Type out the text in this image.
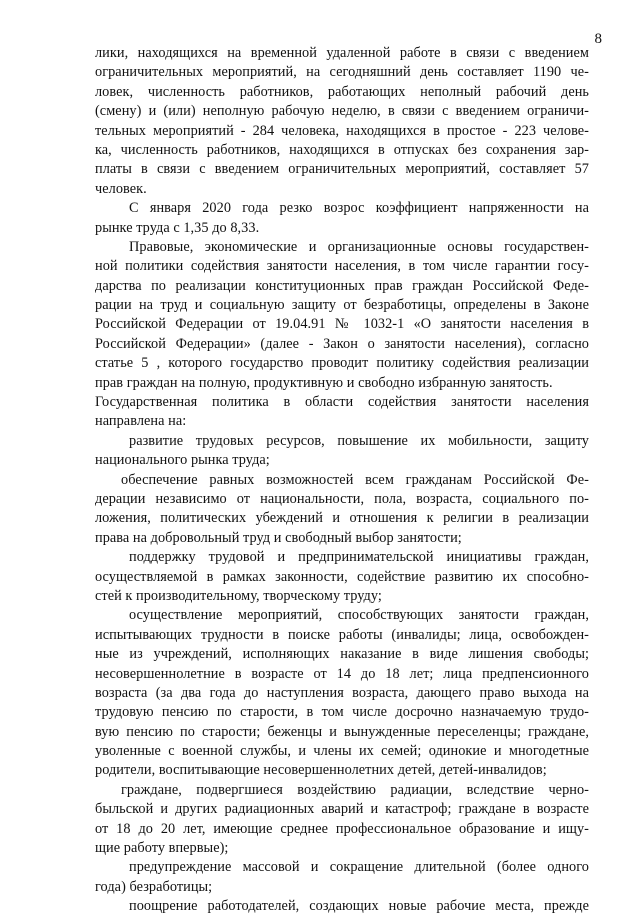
8
лики, находящихся на временной удаленной работе в связи с введением
ограничительных мероприятий, на сегодняшний день составляет 1190 че-
ловек, численность работников, работающих неполный рабочий день
(смену) и (или) неполную рабочую неделю, в связи с введением ограничи-
тельных мероприятий - 284 человека, находящихся в простое - 223 челове-
ка, численность работников, находящихся в отпусках без сохранения зар-
платы в связи с введением ограничительных мероприятий, составляет 57
человек.
С января 2020 года резко возрос коэффициент напряженности на
рынке труда с 1,35 до 8,33.
Правовые, экономические и организационные основы государствен-
ной политики содействия занятости населения, в том числе гарантии госу-
дарства по реализации конституционных прав граждан Российской Феде-
рации на труд и социальную защиту от безработицы, определены в Законе
Российской Федерации от 19.04.91 № 1032-1 «О занятости населения в
Российской Федерации» (далее - Закон о занятости населения), согласно
статье 5 , которого государство проводит политику содействия реализации
прав граждан на полную, продуктивную и свободно избранную занятость.
Государственная политика в области содействия занятости населения
направлена на:
развитие трудовых ресурсов, повышение их мобильности, защиту
национального рынка труда;
обеспечение равных возможностей всем гражданам Российской Фе-
дерации независимо от национальности, пола, возраста, социального по-
ложения, политических убеждений и отношения к религии в реализации
права на добровольный труд и свободный выбор занятости;
поддержку трудовой и предпринимательской инициативы граждан,
осуществляемой в рамках законности, содействие развитию их способно-
стей к производительному, творческому труду;
осуществление мероприятий, способствующих занятости граждан,
испытывающих трудности в поиске работы (инвалиды; лица, освобожден-
ные из учреждений, исполняющих наказание в виде лишения свободы;
несовершеннолетние в возрасте от 14 до 18 лет; лица предпенсионного
возраста (за два года до наступления возраста, дающего право выхода на
трудовую пенсию по старости, в том числе досрочно назначаемую трудо-
вую пенсию по старости; беженцы и вынужденные переселенцы; граждане,
уволенные с военной службы, и члены их семей; одинокие и многодетные
родители, воспитывающие несовершеннолетних детей, детей-инвалидов;
граждане, подвергшиеся воздействию радиации, вследствие черно-
быльской и других радиационных аварий и катастроф; граждане в возрасте
от 18 до 20 лет, имеющие среднее профессиональное образование и ищу-
щие работу впервые);
предупреждение массовой и сокращение длительной (более одного
года) безработицы;
поощрение работодателей, создающих новые рабочие места, прежде
